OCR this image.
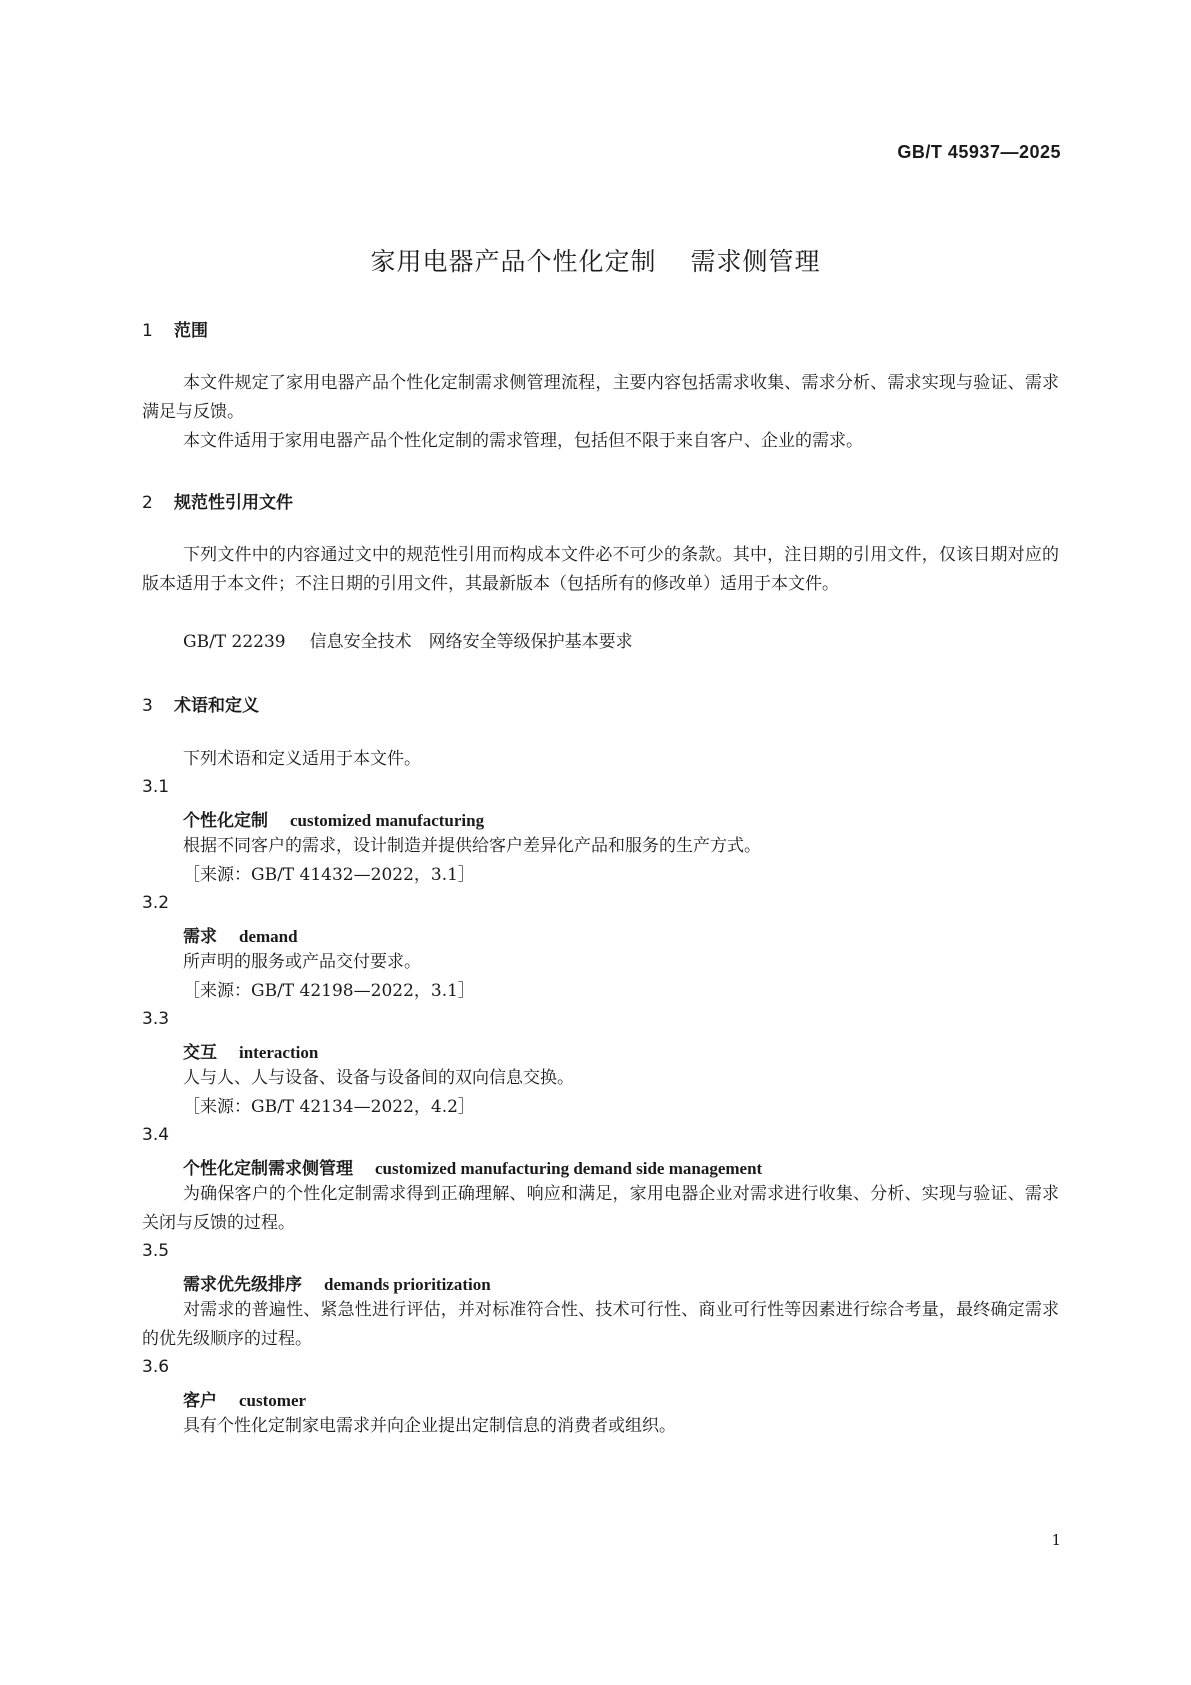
GB/T 45937—2025
家用电器产品个性化定制 需求侧管理
1 范围

本文件规定了家用电器产品个性化定制需求侧管理流程，主要内容包括需求收集、需求分析、需求实现与验证、需求满足与反馈。

本文件适用于家用电器产品个性化定制的需求管理，包括但不限于来自客户、企业的需求。

2 规范性引用文件

下列文件中的内容通过文中的规范性引用而构成本文件必不可少的条款。其中，注日期的引用文件，仅该日期对应的版本适用于本文件；不注日期的引用文件，其最新版本（包括所有的修改单）适用于本文件。

GB/T 22239 信息安全技术　网络安全等级保护基本要求
3 术语和定义
下列术语和定义适用于本文件。
3.1
个性化定制 customized manufacturing
根据不同客户的需求，设计制造并提供给客户差异化产品和服务的生产方式。
［来源：GB/T 41432—2022，3.1］
3.2
需求 demand
所声明的服务或产品交付要求。
［来源：GB/T 42198—2022，3.1］
3.3
交互 interaction
人与人、人与设备、设备与设备间的双向信息交换。
［来源：GB/T 42134—2022，4.2］
3.4
个性化定制需求侧管理 customized manufacturing demand side management
为确保客户的个性化定制需求得到正确理解、响应和满足，家用电器企业对需求进行收集、分析、实现与验证、需求关闭与反馈的过程。
3.5
需求优先级排序 demands prioritization
对需求的普遍性、紧急性进行评估，并对标准符合性、技术可行性、商业可行性等因素进行综合考量，最终确定需求的优先级顺序的过程。
3.6
客户 customer
具有个性化定制家电需求并向企业提出定制信息的消费者或组织。
1
